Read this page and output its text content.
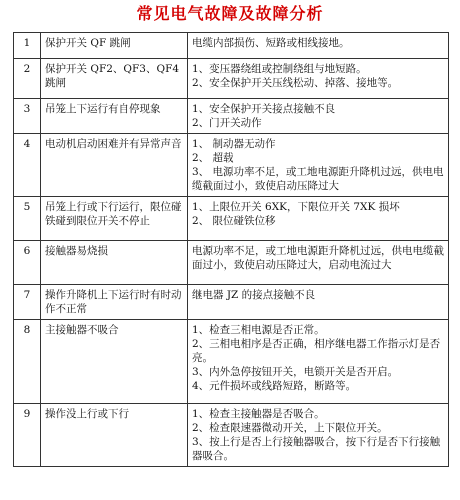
常见电气故障及故障分析
1	保护开关 QF 跳闸	电缆内部损伤、短路或相线接地。

2	保护开关 QF2、QF3、QF4 跳闸	1、变压器绕组或控制绕组与地短路。
2、安全保护开关压线松动、掉落、接地等。

3	吊笼上下运行有自停现象	1、安全保护开关接点接触不良
2、门开关动作

4	电动机启动困难并有异常声音	1、 制动器无动作
2、 超载
3、 电源功率不足，或工地电源距升降机过远，供电电缆截面过小，致使启动压降过大

5	吊笼上行或下行运行，限位碰铁碰到限位开关不停止	1、上限位开关 6XK，下限位开关 7XK 损坏
2、 限位碰铁位移

6	接触器易烧损	电源功率不足，或工地电源距升降机过远，供电电缆截面过小，致使启动压降过大，启动电流过大

7	操作升降机上下运行时有时动作不正常	继电器 JZ 的接点接触不良

8	主接触器不吸合	1、检查三相电源是否正常。
2、三相电相序是否正确，相序继电器工作指示灯是否亮。
3、内外急停按钮开关，电锁开关是否开启。
4、元件损坏或线路短路，断路等。

9	操作没上行或下行	1、检查主接触器是否吸合。
2、检查限速器微动开关，上下限位开关。
3、按上行是否上行接触器吸合，按下行是否下行接触器吸合。
